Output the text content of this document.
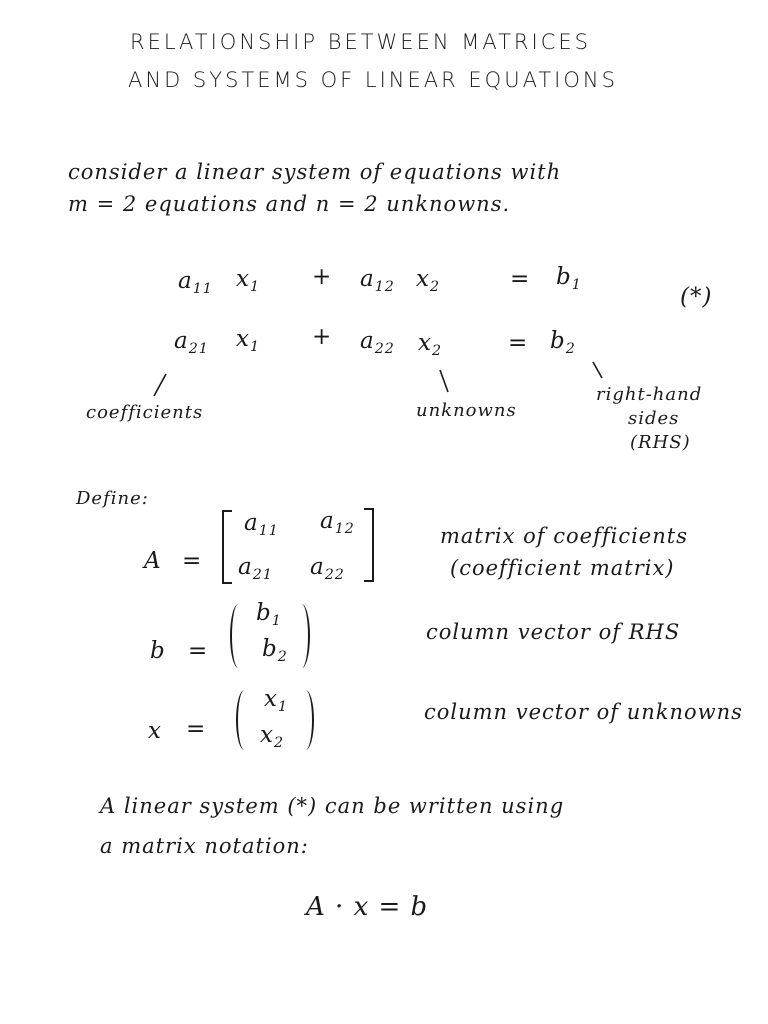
RELATIONSHIP BETWEEN MATRICES
AND SYSTEMS OF LINEAR EQUATIONS
consider a linear system of equations with
m = 2 equations and n = 2 unknowns.
$a_{11}$ $x_1 + a_{12}$ $x_2$	= $b_1$	(*)
$a_{21}$ $x_1 + a_{22}$ $x_2$	= $b_2$
coefficients	unknowns
right-hand
sides
(RHS)
Define:
A =
$a_{11}$ $a_{12}$
$a_{21}$ $a_{22}$
matrix of coefficients
(coefficient matrix)
b =
$b_1$
$b_2$
column vector of RHS
x =
$x_1$
$x_2$
column vector of unknowns
A linear system (*) can be written using
a matrix notation:
A · x = b
